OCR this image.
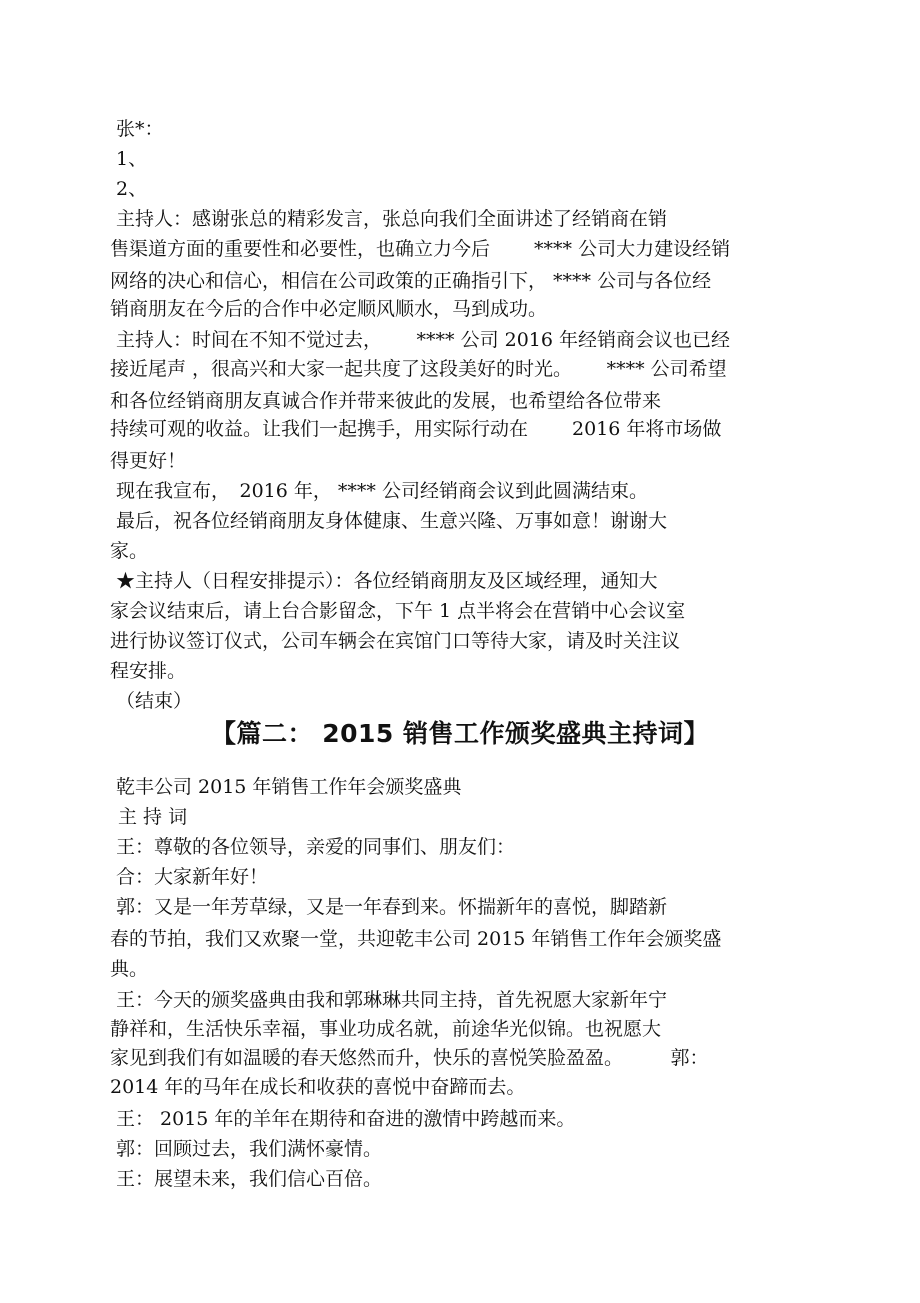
张*：
1、
2、
主持人：感谢张总的精彩发言，张总向我们全面讲述了经销商在销
售渠道方面的重要性和必要性，也确立力今后　　 **** 公司大力建设经销
网络的决心和信心，相信在公司政策的正确指引下， **** 公司与各位经
销商朋友在今后的合作中必定顺风顺水，马到成功。
主持人：时间在不知不觉过去，　　 **** 公司 2016 年经销商会议也已经
接近尾声 ，很高兴和大家一起共度了这段美好的时光。　　 **** 公司希望
和各位经销商朋友真诚合作并带来彼此的发展，也希望给各位带来
持续可观的收益。让我们一起携手，用实际行动在　　 2016 年将市场做
得更好！
现在我宣布，　2016 年， **** 公司经销商会议到此圆满结束。
最后，祝各位经销商朋友身体健康、生意兴隆、万事如意！谢谢大
家。
★主持人（日程安排提示）：各位经销商朋友及区域经理，通知大
家会议结束后，请上台合影留念，下午 1 点半将会在营销中心会议室
进行协议签订仪式，公司车辆会在宾馆门口等待大家，请及时关注议
程安排。
（结束）
【篇二： 2015 销售工作颁奖盛典主持词】
乾丰公司 2015 年销售工作年会颁奖盛典
主 持 词
王：尊敬的各位领导，亲爱的同事们、朋友们：
合：大家新年好！
郭：又是一年芳草绿，又是一年春到来。怀揣新年的喜悦，脚踏新
春的节拍，我们又欢聚一堂，共迎乾丰公司 2015 年销售工作年会颁奖盛
典。
王：今天的颁奖盛典由我和郭琳琳共同主持，首先祝愿大家新年宁
静祥和，生活快乐幸福，事业功成名就，前途华光似锦。也祝愿大
家见到我们有如温暖的春天悠然而升，快乐的喜悦笑脸盈盈。　　　郭：
2014 年的马年在成长和收获的喜悦中奋蹄而去。
王： 2015 年的羊年在期待和奋进的激情中跨越而来。
郭：回顾过去，我们满怀豪情。
王：展望未来，我们信心百倍。
